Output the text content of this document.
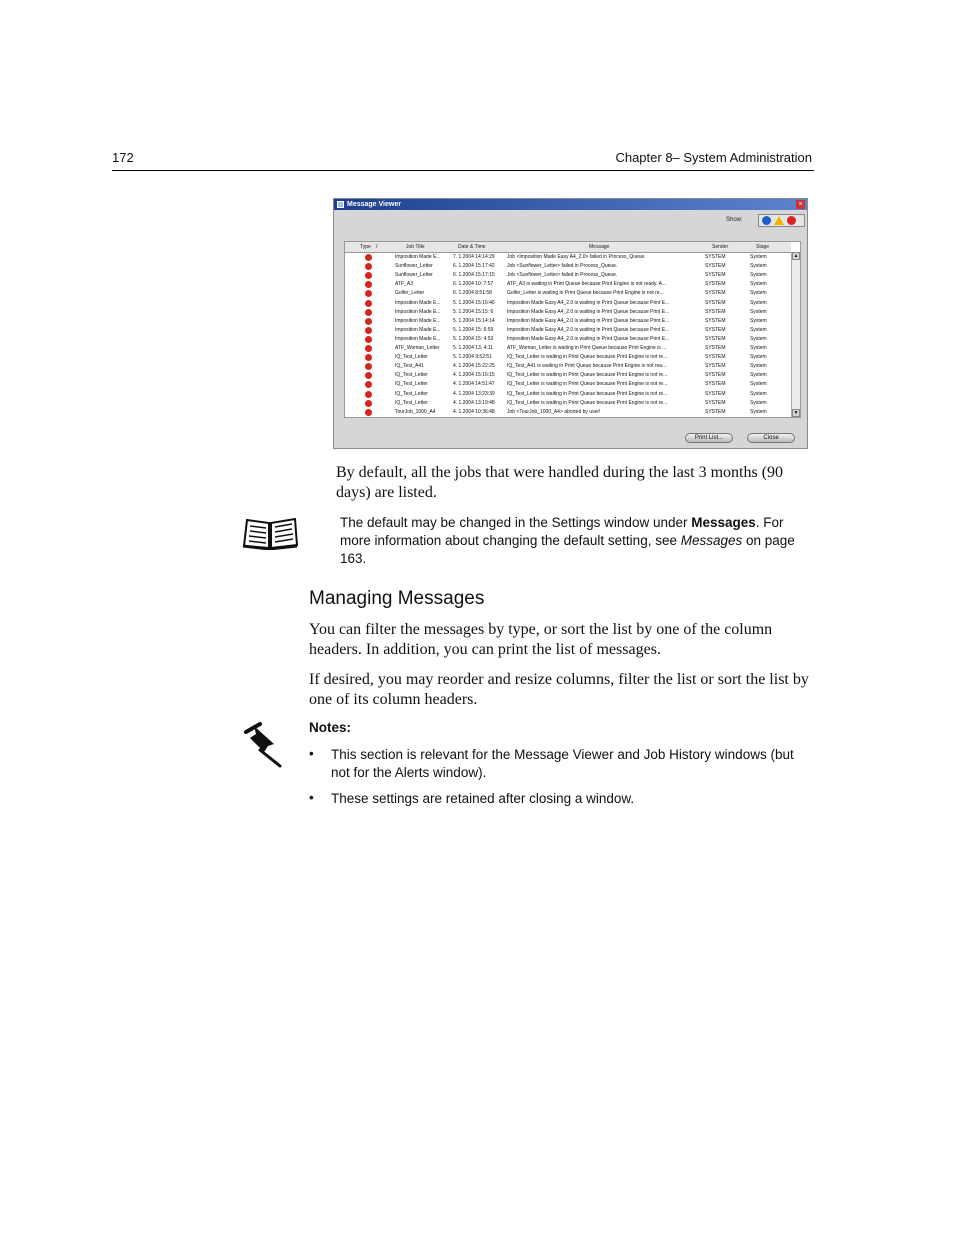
172	Chapter 8– System Administration
Message Viewer	×
Show:
Type /	Job Title	Date & Time	Message	Sender	Stage
Imposition Made E...	7. 1.2004 14:14:29	Job <Imposition Made Easy A4_2.0> failed in Process_Queue.	SYSTEM	System
Sunflower_Letter	6. 1.2004 15:17:42	Job <Sunflower_Letter> failed in Process_Queue.	SYSTEM	System
Sunflower_Letter	6. 1.2004 15:17:15	Job <Sunflower_Letter> failed in Process_Queue.	SYSTEM	System
ATF_A3	6. 1.2004 10: 7:57	ATF_A3 is waiting in Print Queue because Print Engine is not ready. A...	SYSTEM	System
Golfer_Letter	6. 1.2004 8:51:58	Golfer_Letter is waiting in Print Queue because Print Engine is not re...	SYSTEM	System
Imposition Made E...	5. 1.2004 15:16:46	Imposition Made Easy A4_2.0 is waiting in Print Queue because Print E...	SYSTEM	System
Imposition Made E...	5. 1.2004 15:15: 6	Imposition Made Easy A4_2.0 is waiting in Print Queue because Print E...	SYSTEM	System
Imposition Made E...	5. 1.2004 15:14:14	Imposition Made Easy A4_2.0 is waiting in Print Queue because Print E...	SYSTEM	System
Imposition Made E...	5. 1.2004 15: 6:59	Imposition Made Easy A4_2.0 is waiting in Print Queue because Print E...	SYSTEM	System
Imposition Made E...	5. 1.2004 15: 4:53	Imposition Made Easy A4_2.0 is waiting in Print Queue because Print E...	SYSTEM	System
ATF_Woman_Letter	5. 1.2004 13: 4:11	ATF_Woman_Letter is waiting in Print Queue because Print Engine is ...	SYSTEM	System
IQ_Test_Letter	5. 1.2004 9:52:51	IQ_Test_Letter is waiting in Print Queue because Print Engine is not re...	SYSTEM	System
IQ_Test_A41	4. 1.2004 15:22:25	IQ_Test_A41 is waiting in Print Queue because Print Engine is not rea...	SYSTEM	System
IQ_Test_Letter	4. 1.2004 15:16:15	IQ_Test_Letter is waiting in Print Queue because Print Engine is not re...	SYSTEM	System
IQ_Test_Letter	4. 1.2004 14:51:47	IQ_Test_Letter is waiting in Print Queue because Print Engine is not re...	SYSTEM	System
IQ_Test_Letter	4. 1.2004 13:23:39	IQ_Test_Letter is waiting in Print Queue because Print Engine is not re...	SYSTEM	System
IQ_Test_Letter	4. 1.2004 13:19:48	IQ_Test_Letter is waiting in Print Queue because Print Engine is not re...	SYSTEM	System
TourJob_1000_A4	4. 1.2004 10:36:48	Job <TourJob_1000_A4> aborted by user!	SYSTEM	System
▲
▼
Print List...	Close
By default, all the jobs that were handled during the last 3 months (90 days) are listed.
The default may be changed in the Settings window under Messages. For more information about changing the default setting, see Messages on page 163.
Managing Messages
You can filter the messages by type, or sort the list by one of the column headers. In addition, you can print the list of messages.
If desired, you may reorder and resize columns, filter the list or sort the list by one of its column headers.
Notes:
• This section is relevant for the Message Viewer and Job History windows (but not for the Alerts window).
• These settings are retained after closing a window.
